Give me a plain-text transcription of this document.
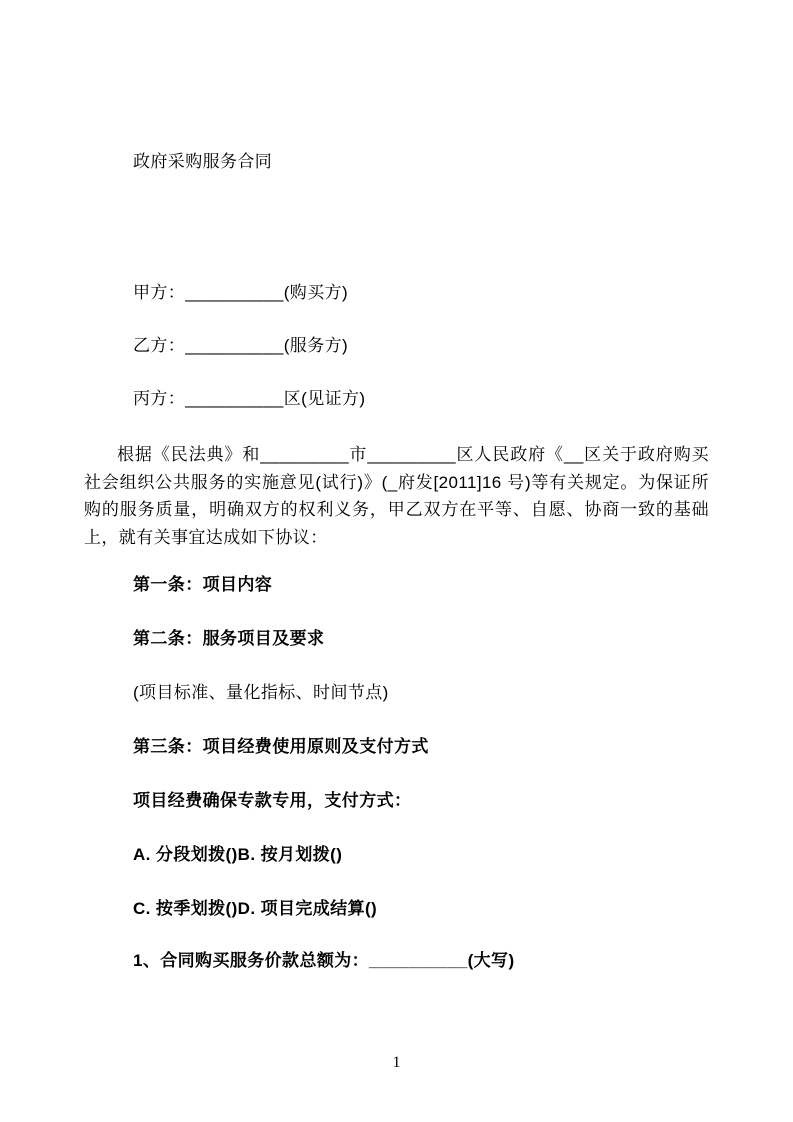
政府采购服务合同

甲方：__________(购买方)

乙方：__________(服务方)

丙方：__________区(见证方)

根据《民法典》和_________市_________区人民政府《__区关于政府购买社会组织公共服务的实施意见(试行)》(_府发[2011]16 号)等有关规定。为保证所购的服务质量，明确双方的权利义务，甲乙双方在平等、自愿、协商一致的基础上，就有关事宜达成如下协议：

第一条：项目内容

第二条：服务项目及要求

(项目标准、量化指标、时间节点)

第三条：项目经费使用原则及支付方式

项目经费确保专款专用，支付方式：

A. 分段划拨()B. 按月划拨()

C. 按季划拨()D. 项目完成结算()

1、合同购买服务价款总额为：__________(大写)

1
